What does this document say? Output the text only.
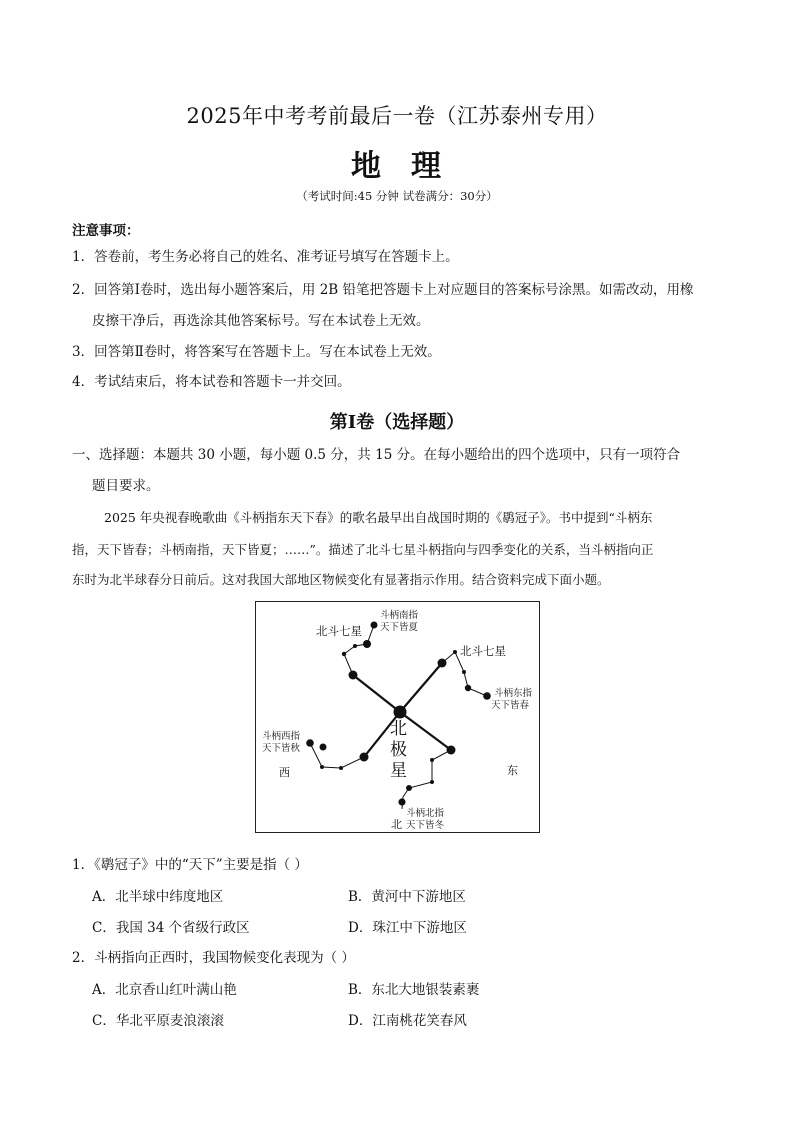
2025年中考考前最后一卷（江苏泰州专用）
地理
（考试时间:45 分钟 试卷满分：30分）
注意事项：
1．答卷前，考生务必将自己的姓名、准考证号填写在答题卡上。
2．回答第Ⅰ卷时，选出每小题答案后，用 2B 铅笔把答题卡上对应题目的答案标号涂黑。如需改动，用橡
皮擦干净后，再选涂其他答案标号。写在本试卷上无效。
3．回答第Ⅱ卷时，将答案写在答题卡上。写在本试卷上无效。
4．考试结束后，将本试卷和答题卡一并交回。
第Ⅰ卷（选择题）
一、选择题：本题共 30 小题，每小题 0.5 分，共 15 分。在每小题给出的四个选项中，只有一项符合
题目要求。
2025 年央视春晚歌曲《斗柄指东天下春》的歌名最早出自战国时期的《鹖冠子》。书中提到“斗柄东
指，天下皆春；斗柄南指，天下皆夏；……”。描述了北斗七星斗柄指向与四季变化的关系，当斗柄指向正
东时为北半球春分日前后。这对我国大部地区物候变化有显著指示作用。结合资料完成下面小题。
北斗七星
北斗七星
斗柄南指
天下皆夏
斗柄东指
天下皆春
斗柄西指
天下皆秋
斗柄北指
天下皆冬
北
极
星
西	东
北
1．《鹖冠子》中的“天下”主要是指（ ）
A．北半球中纬度地区	B．黄河中下游地区
C．我国 34 个省级行政区	D．珠江中下游地区
2．斗柄指向正西时，我国物候变化表现为（ ）
A．北京香山红叶满山艳	B．东北大地银装素裹
C．华北平原麦浪滚滚	D．江南桃花笑春风
